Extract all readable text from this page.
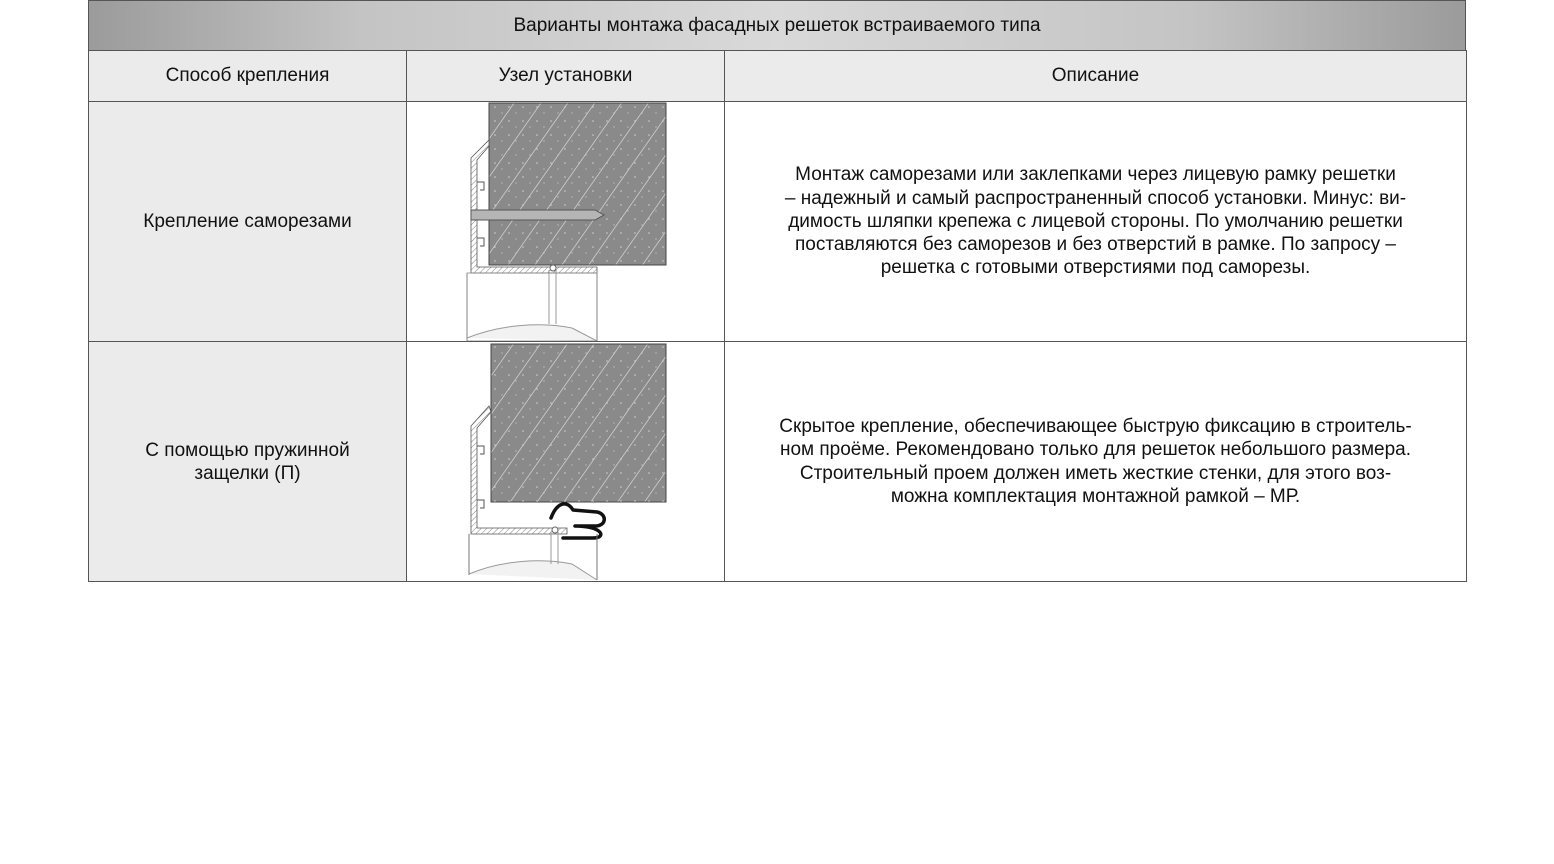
Варианты монтажа фасадных решеток встраиваемого типа
Способ крепления	Узел установки	Описание

Крепление саморезами		Монтаж саморезами или заклепками через лицевую рамку решетки
– надежный и самый распространенный способ установки. Минус: ви-
димость шляпки крепежа с лицевой стороны. По умолчанию решетки
поставляются без саморезов и без отверстий в рамке. По запросу –
решетка с готовыми отверстиями под саморезы.

С помощью пружинной
защелки (П)		Скрытое крепление, обеспечивающее быструю фиксацию в строитель-
ном проёме. Рекомендовано только для решеток небольшого размера.
Строительный проем должен иметь жесткие стенки, для этого воз-
можна комплектация монтажной рамкой – МР.
